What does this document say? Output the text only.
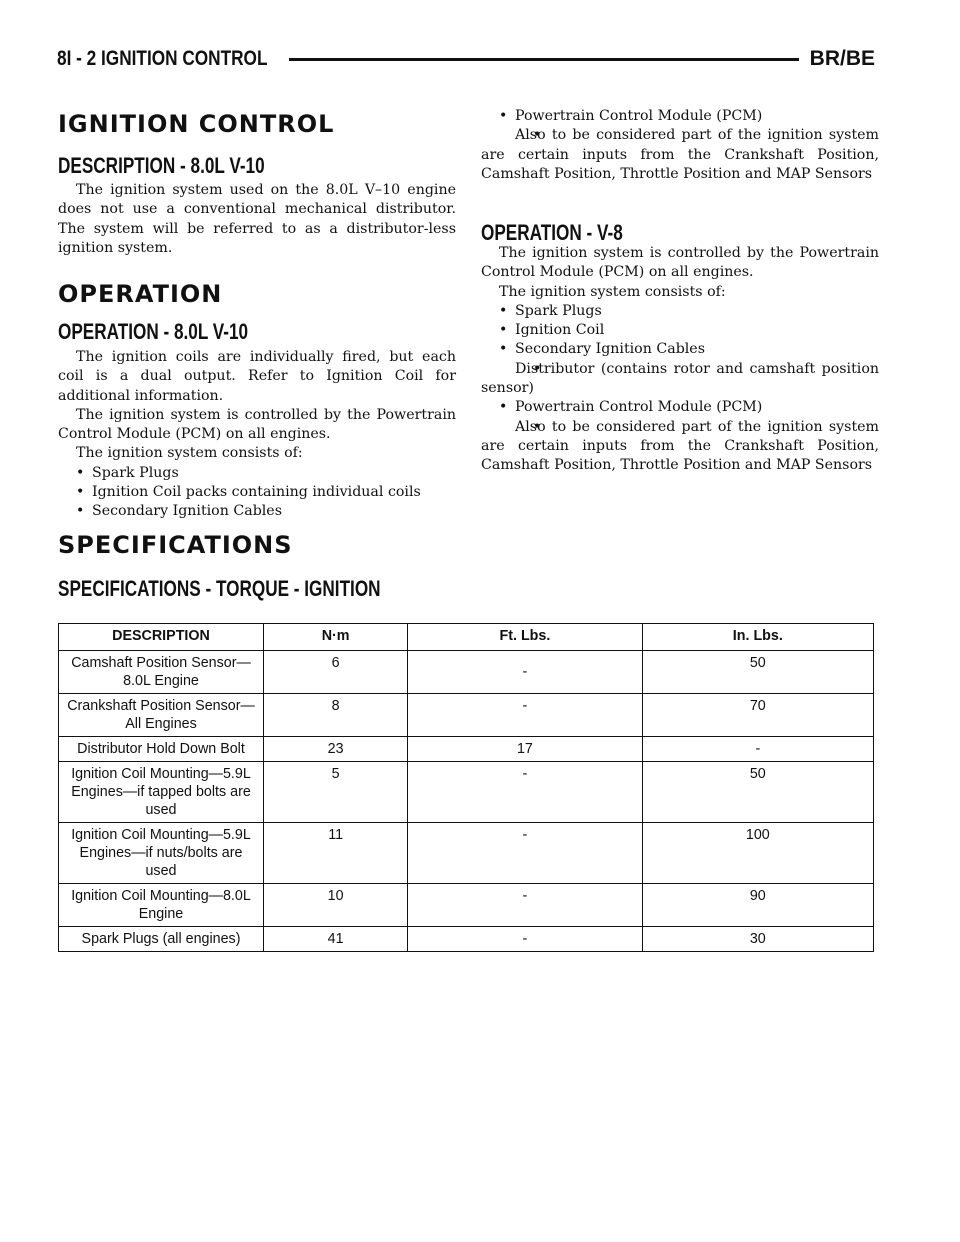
8I - 2 IGNITION CONTROL	BR/BE
IGNITION CONTROL
DESCRIPTION - 8.0L V-10

The ignition system used on the 8.0L V–10 engine does not use a conventional mechanical distributor. The system will be referred to as a distributor-less ignition system.

OPERATION
OPERATION - 8.0L V-10

The ignition coils are individually fired, but each coil is a dual output. Refer to Ignition Coil for additional information.

The ignition system is controlled by the Powertrain Control Module (PCM) on all engines.

The ignition system consists of:

• Spark Plugs
• Ignition Coil packs containing individual coils
• Secondary Ignition Cables
• Powertrain Control Module (PCM)
• Also to be considered part of the ignition system are certain inputs from the Crankshaft Position, Camshaft Position, Throttle Position and MAP Sensors
OPERATION - V-8

The ignition system is controlled by the Powertrain Control Module (PCM) on all engines.

The ignition system consists of:

• Spark Plugs
• Ignition Coil
• Secondary Ignition Cables
• Distributor (contains rotor and camshaft position sensor)
• Powertrain Control Module (PCM)
• Also to be considered part of the ignition system are certain inputs from the Crankshaft Position, Camshaft Position, Throttle Position and MAP Sensors
SPECIFICATIONS
SPECIFICATIONS - TORQUE - IGNITION
DESCRIPTION	N·m	Ft. Lbs.	In. Lbs.
Camshaft Position Sensor—8.0L Engine	6	-	50
Crankshaft Position Sensor—All Engines	8	-	70
Distributor Hold Down Bolt	23	17	-
Ignition Coil Mounting—5.9L Engines—if tapped bolts are used	5	-	50
Ignition Coil Mounting—5.9L Engines—if nuts/bolts are used	11	-	100
Ignition Coil Mounting—8.0L Engine	10	-	90
Spark Plugs (all engines)	41	-	30
